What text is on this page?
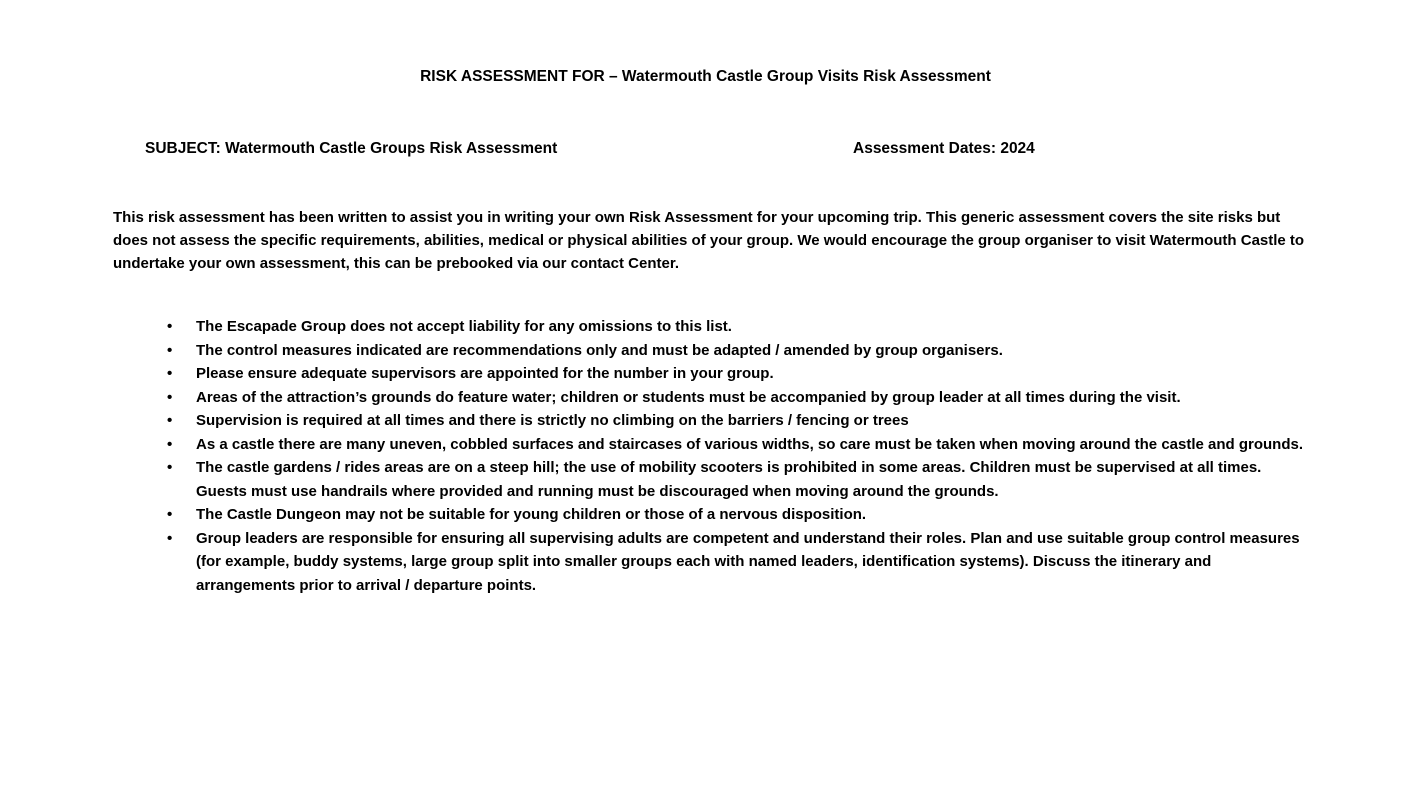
RISK ASSESSMENT FOR – Watermouth Castle Group Visits Risk Assessment
SUBJECT: Watermouth Castle Groups Risk Assessment	Assessment Dates: 2024

This risk assessment has been written to assist you in writing your own Risk Assessment for your upcoming trip. This generic assessment covers the site risks but does not assess the specific requirements, abilities, medical or physical abilities of your group. We would encourage the group organiser to visit Watermouth Castle to undertake your own assessment, this can be prebooked via our contact Center.

• The Escapade Group does not accept liability for any omissions to this list.
• The control measures indicated are recommendations only and must be adapted / amended by group organisers.
• Please ensure adequate supervisors are appointed for the number in your group.
• Areas of the attraction’s grounds do feature water; children or students must be accompanied by group leader at all times during the visit.
• Supervision is required at all times and there is strictly no climbing on the barriers / fencing or trees
• As a castle there are many uneven, cobbled surfaces and staircases of various widths, so care must be taken when moving around the castle and grounds.
• The castle gardens / rides areas are on a steep hill; the use of mobility scooters is prohibited in some areas. Children must be supervised at all times. Guests must use handrails where provided and running must be discouraged when moving around the grounds.
• The Castle Dungeon may not be suitable for young children or those of a nervous disposition.
• Group leaders are responsible for ensuring all supervising adults are competent and understand their roles. Plan and use suitable group control measures (for example, buddy systems, large group split into smaller groups each with named leaders, identification systems). Discuss the itinerary and arrangements prior to arrival / departure points.
